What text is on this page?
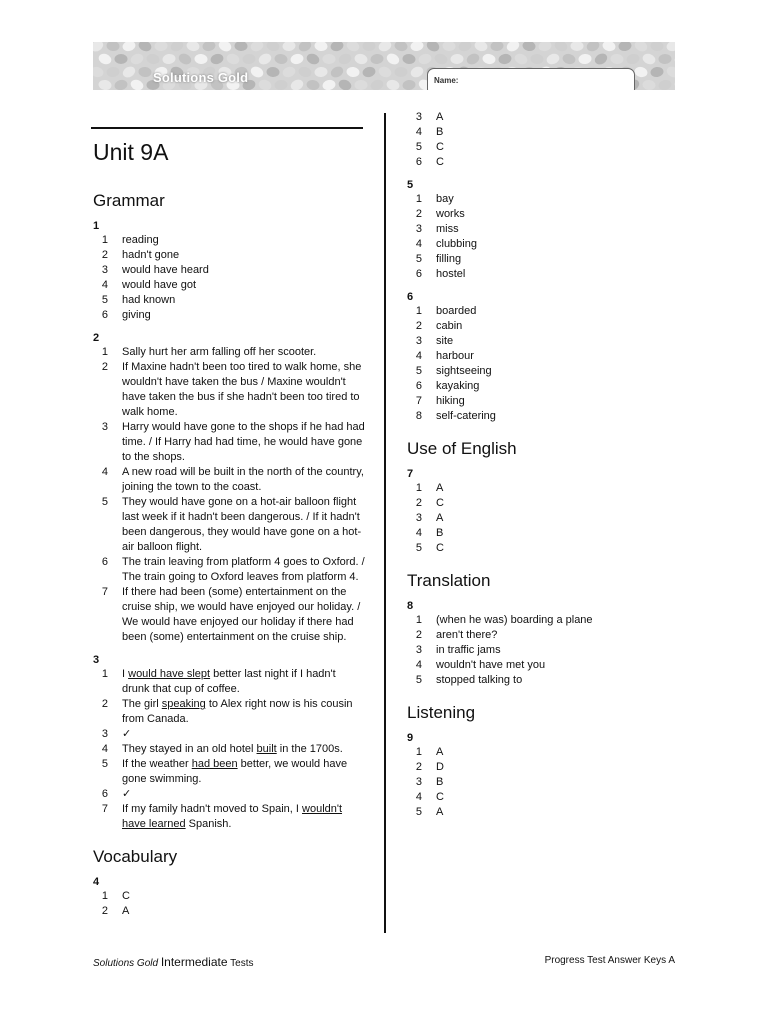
Solutions Gold	Name:
Unit 9A
Grammar
1
1 reading
2 hadn't gone
3 would have heard
4 would have got
5 had known
6 giving
2
1 Sally hurt her arm falling off her scooter.
2 If Maxine hadn't been too tired to walk home, she wouldn't have taken the bus / Maxine wouldn't have taken the bus if she hadn't been too tired to walk home.
3 Harry would have gone to the shops if he had had time. / If Harry had had time, he would have gone to the shops.
4 A new road will be built in the north of the country, joining the town to the coast.
5 They would have gone on a hot-air balloon flight last week if it hadn't been dangerous. / If it hadn't been dangerous, they would have gone on a hot-air balloon flight.
6 The train leaving from platform 4 goes to Oxford. / The train going to Oxford leaves from platform 4.
7 If there had been (some) entertainment on the cruise ship, we would have enjoyed our holiday. / We would have enjoyed our holiday if there had been (some) entertainment on the cruise ship.
3
1 I would have slept better last night if I hadn't drunk that cup of coffee.
2 The girl speaking to Alex right now is his cousin from Canada.
3 ✓
4 They stayed in an old hotel built in the 1700s.
5 If the weather had been better, we would have gone swimming.
6 ✓
7 If my family hadn't moved to Spain, I wouldn't have learned Spanish.
Vocabulary
4
1 C
2 A
3 A
4 B
5 C
6 C
5
1 bay
2 works
3 miss
4 clubbing
5 filling
6 hostel
6
1 boarded
2 cabin
3 site
4 harbour
5 sightseeing
6 kayaking
7 hiking
8 self-catering
Use of English
7
1 A
2 C
3 A
4 B
5 C
Translation
8
1 (when he was) boarding a plane
2 aren't there?
3 in traffic jams
4 wouldn't have met you
5 stopped talking to
Listening
9
1 A
2 D
3 B
4 C
5 A
Solutions Gold Intermediate Tests	Progress Test Answer Keys A
